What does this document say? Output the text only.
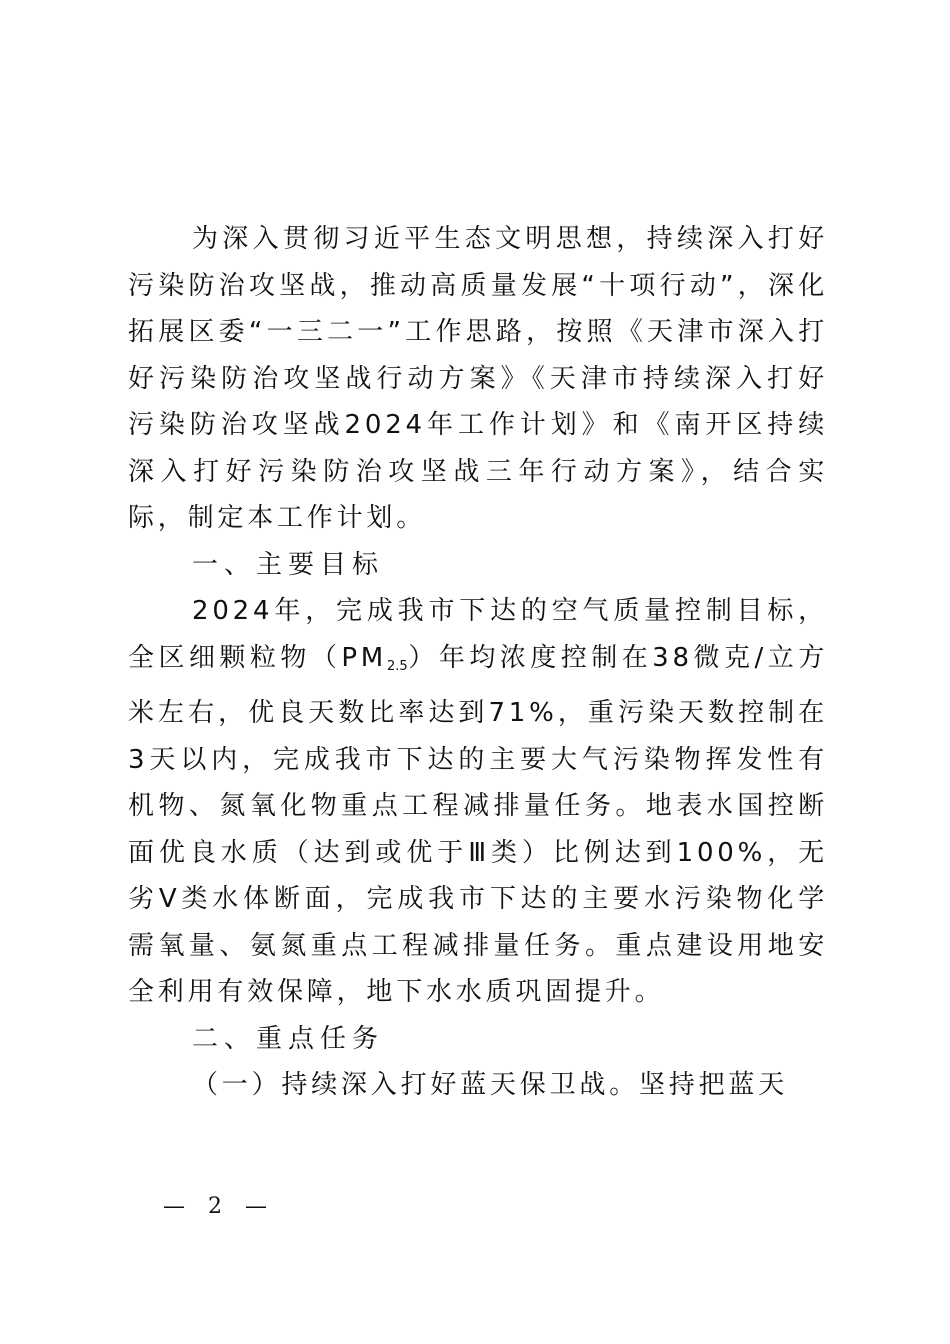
为深入贯彻习近平生态文明思想，持续深入打好污染防治攻坚战，推动高质量发展“十项行动”，深化拓展区委“一三二一”工作思路，按照《天津市深入打好污染防治攻坚战行动方案》《天津市持续深入打好污染防治攻坚战2024年工作计划》和《南开区持续深入打好污染防治攻坚战三年行动方案》，结合实际，制定本工作计划。

一、主要目标

2024年，完成我市下达的空气质量控制目标，全区细颗粒物$(PM_{2.5})$年均浓度控制在38微克/立方米左右，优良天数比率达到71%，重污染天数控制在3天以内，完成我市下达的主要大气污染物挥发性有机物、氮氧化物重点工程减排量任务。地表水国控断面优良水质（达到或优于Ⅲ类）比例达到100%，无劣Ⅴ类水体断面，完成我市下达的主要水污染物化学需氧量、氨氮重点工程减排量任务。重点建设用地安全利用有效保障，地下水水质巩固提升。

二、重点任务

（一）持续深入打好蓝天保卫战。坚持把蓝天

— 2 —
